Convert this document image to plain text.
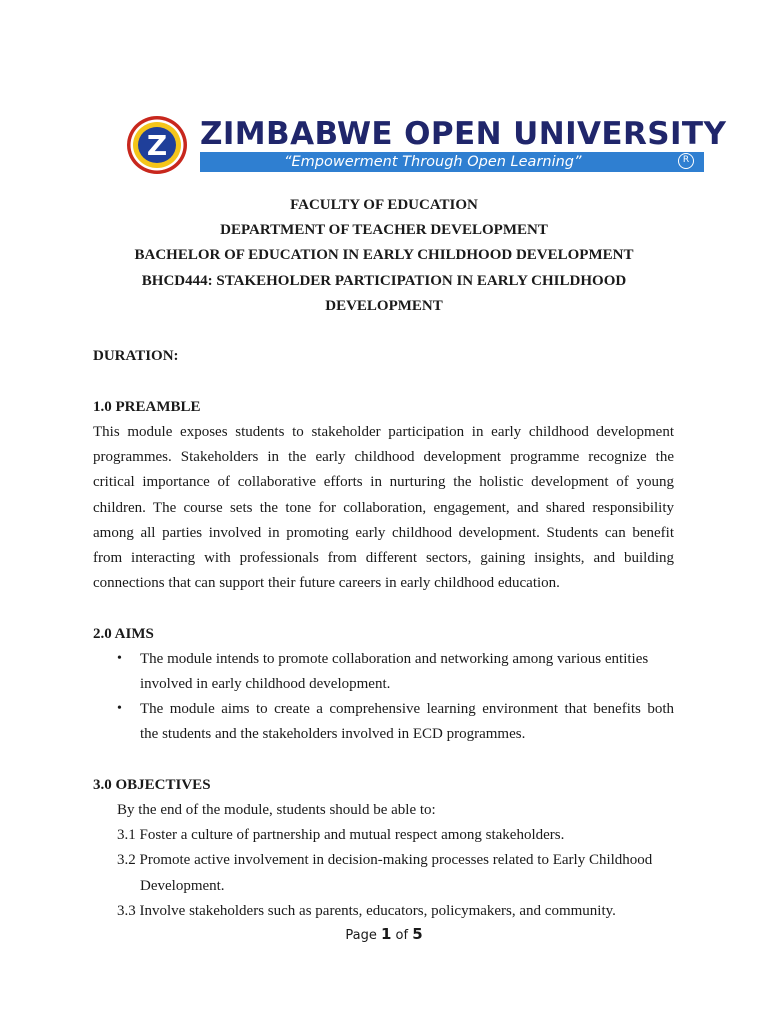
Z ZIMBABWE OPEN UNIVERSITY
“Empowerment Through Open Learning”	R
FACULTY OF EDUCATION
DEPARTMENT OF TEACHER DEVELOPMENT
BACHELOR OF EDUCATION IN EARLY CHILDHOOD DEVELOPMENT
BHCD444: STAKEHOLDER PARTICIPATION IN EARLY CHILDHOOD
DEVELOPMENT
DURATION:
1.0 PREAMBLE
This module exposes students to stakeholder participation in early childhood development
programmes. Stakeholders in the early childhood development programme recognize the
critical importance of collaborative efforts in nurturing the holistic development of young
children. The course sets the tone for collaboration, engagement, and shared responsibility
among all parties involved in promoting early childhood development. Students can benefit
from interacting with professionals from different sectors, gaining insights, and building
connections that can support their future careers in early childhood education.
2.0 AIMS
• The module intends to promote collaboration and networking among various entities
involved in early childhood development.
• The module aims to create a comprehensive learning environment that benefits both
the students and the stakeholders involved in ECD programmes.
3.0 OBJECTIVES
By the end of the module, students should be able to:
3.1 Foster a culture of partnership and mutual respect among stakeholders.
3.2 Promote active involvement in decision-making processes related to Early Childhood
Development.
3.3 Involve stakeholders such as parents, educators, policymakers, and community.
Page 1 of 5
